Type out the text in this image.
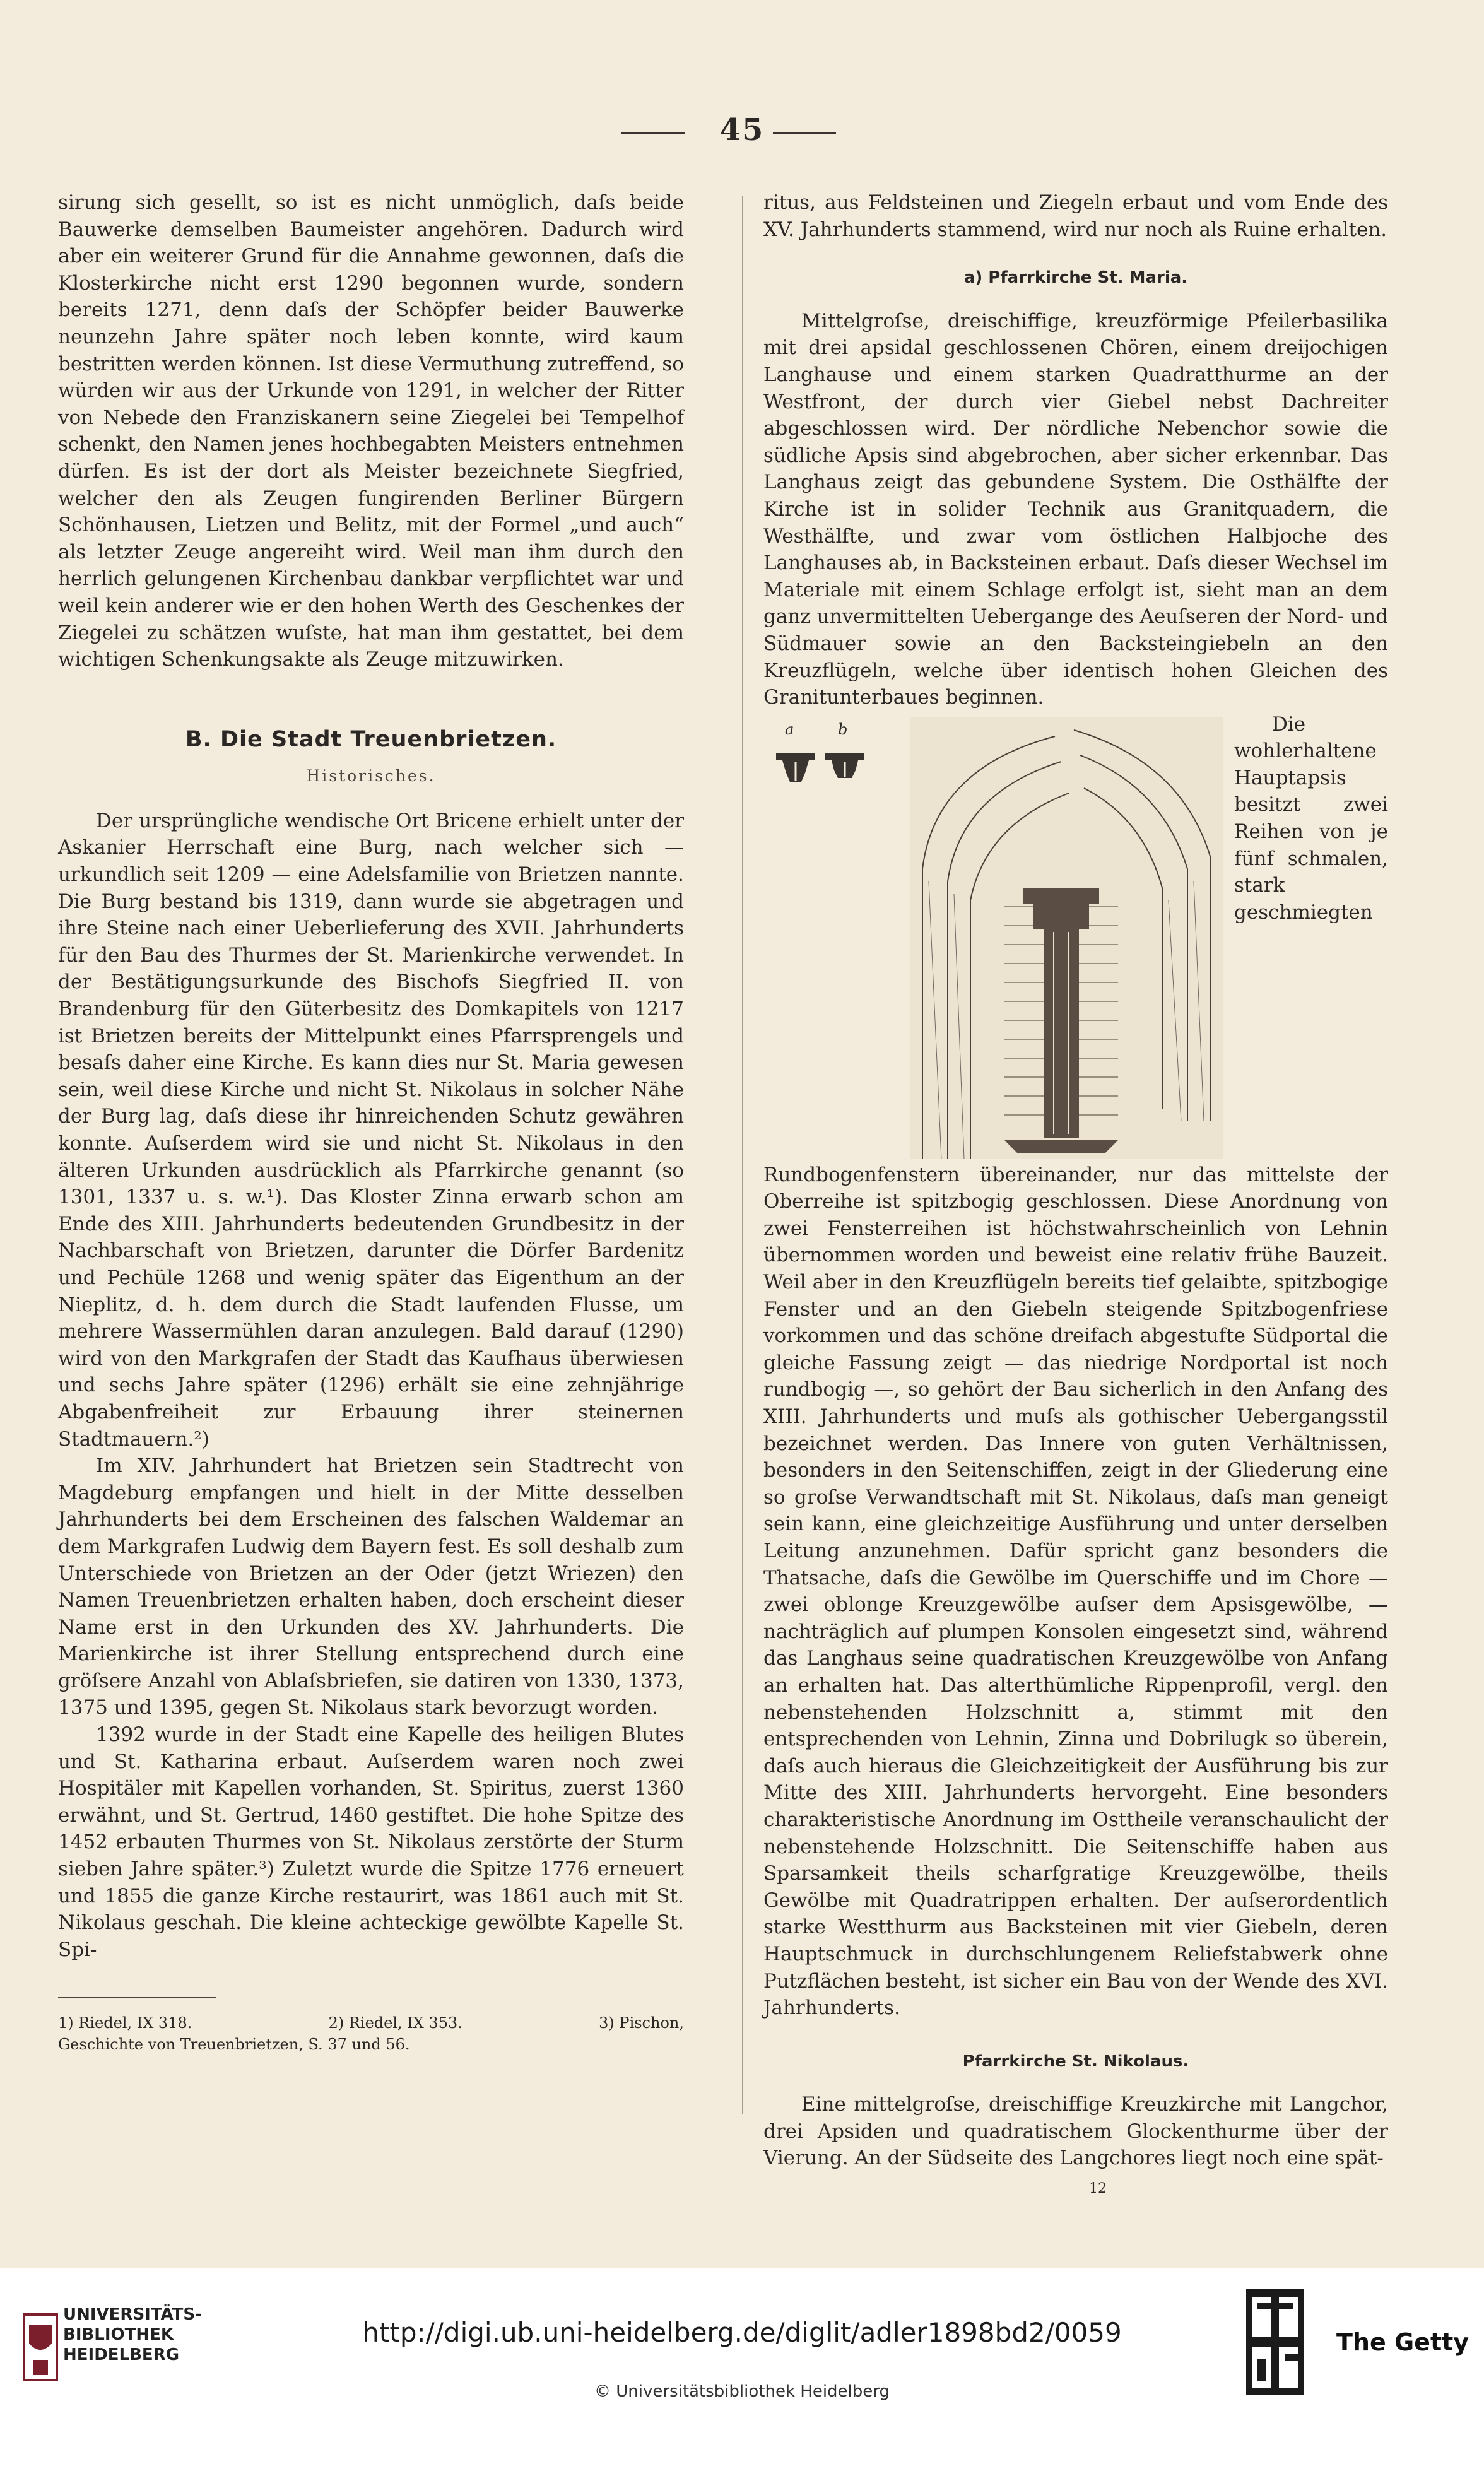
45

sirung sich gesellt, so ist es nicht unmöglich, daſs beide Bauwerke demselben Baumeister angehören. Dadurch wird aber ein weiterer Grund für die Annahme gewonnen, daſs die Klosterkirche nicht erst 1290 begonnen wurde, sondern bereits 1271, denn daſs der Schöpfer beider Bauwerke neunzehn Jahre später noch leben konnte, wird kaum bestritten werden können. Ist diese Vermuthung zutreffend, so würden wir aus der Urkunde von 1291, in welcher der Ritter von Nebede den Franziskanern seine Ziegelei bei Tempelhof schenkt, den Namen jenes hochbegabten Meisters entnehmen dürfen. Es ist der dort als Meister bezeichnete Siegfried, welcher den als Zeugen fungirenden Berliner Bürgern Schönhausen, Lietzen und Belitz, mit der Formel „und auch“ als letzter Zeuge angereiht wird. Weil man ihm durch den herrlich gelungenen Kirchenbau dankbar verpflichtet war und weil kein anderer wie er den hohen Werth des Geschenkes der Ziegelei zu schätzen wuſste, hat man ihm gestattet, bei dem wichtigen Schenkungsakte als Zeuge mitzuwirken.

B. Die Stadt Treuenbrietzen.
Historisches.

Der ursprüngliche wendische Ort Bricene erhielt unter der Askanier Herrschaft eine Burg, nach welcher sich — urkundlich seit 1209 — eine Adelsfamilie von Brietzen nannte. Die Burg bestand bis 1319, dann wurde sie abgetragen und ihre Steine nach einer Ueberlieferung des XVII. Jahrhunderts für den Bau des Thurmes der St. Marienkirche verwendet. In der Bestätigungsurkunde des Bischofs Siegfried II. von Brandenburg für den Güterbesitz des Domkapitels von 1217 ist Brietzen bereits der Mittelpunkt eines Pfarrsprengels und besaſs daher eine Kirche. Es kann dies nur St. Maria gewesen sein, weil diese Kirche und nicht St. Nikolaus in solcher Nähe der Burg lag, daſs diese ihr hinreichenden Schutz gewähren konnte. Auſserdem wird sie und nicht St. Nikolaus in den älteren Urkunden ausdrücklich als Pfarrkirche genannt (so 1301, 1337 u. s. w.¹). Das Kloster Zinna erwarb schon am Ende des XIII. Jahrhunderts bedeutenden Grundbesitz in der Nachbarschaft von Brietzen, darunter die Dörfer Bardenitz und Pechüle 1268 und wenig später das Eigenthum an der Nieplitz, d. h. dem durch die Stadt laufenden Flusse, um mehrere Wassermühlen daran anzulegen. Bald darauf (1290) wird von den Markgrafen der Stadt das Kaufhaus überwiesen und sechs Jahre später (1296) erhält sie eine zehnjährige Abgabenfreiheit zur Erbauung ihrer steinernen Stadtmauern.²)

Im XIV. Jahrhundert hat Brietzen sein Stadtrecht von Magdeburg empfangen und hielt in der Mitte desselben Jahrhunderts bei dem Erscheinen des falschen Waldemar an dem Markgrafen Ludwig dem Bayern fest. Es soll deshalb zum Unterschiede von Brietzen an der Oder (jetzt Wriezen) den Namen Treuenbrietzen erhalten haben, doch erscheint dieser Name erst in den Urkunden des XV. Jahrhunderts. Die Marienkirche ist ihrer Stellung entsprechend durch eine gröſsere Anzahl von Ablaſsbriefen, sie datiren von 1330, 1373, 1375 und 1395, gegen St. Nikolaus stark bevorzugt worden.

1392 wurde in der Stadt eine Kapelle des heiligen Blutes und St. Katharina erbaut. Auſserdem waren noch zwei Hospitäler mit Kapellen vorhanden, St. Spiritus, zuerst 1360 erwähnt, und St. Gertrud, 1460 gestiftet. Die hohe Spitze des 1452 erbauten Thurmes von St. Nikolaus zerstörte der Sturm sieben Jahre später.³) Zuletzt wurde die Spitze 1776 erneuert und 1855 die ganze Kirche restaurirt, was 1861 auch mit St. Nikolaus geschah. Die kleine achteckige gewölbte Kapelle St. Spi-

1) Riedel, IX 318.	2) Riedel, IX 353.	3) Pischon,
Geschichte von Treuenbrietzen, S. 37 und 56.

ritus, aus Feldsteinen und Ziegeln erbaut und vom Ende des XV. Jahrhunderts stammend, wird nur noch als Ruine erhalten.

a) Pfarrkirche St. Maria.

Mittelgroſse, dreischiffige, kreuzförmige Pfeilerbasilika mit drei apsidal geschlossenen Chören, einem dreijochigen Langhause und einem starken Quadratthurme an der Westfront, der durch vier Giebel nebst Dachreiter abgeschlossen wird. Der nördliche Nebenchor sowie die südliche Apsis sind abgebrochen, aber sicher erkennbar. Das Langhaus zeigt das gebundene System. Die Osthälfte der Kirche ist in solider Technik aus Granitquadern, die Westhälfte, und zwar vom östlichen Halbjoche des Langhauses ab, in Backsteinen erbaut. Daſs dieser Wechsel im Materiale mit einem Schlage erfolgt ist, sieht man an dem ganz unvermittelten Uebergange des Aeuſseren der Nord- und Südmauer sowie an den Backsteingiebeln an den Kreuzflügeln, welche über identisch hohen Gleichen des Granitunterbaues beginnen.

a	b	Die wohlerhaltene Hauptapsis besitzt zwei Reihen von je fünf schmalen, stark geschmiegten Rundbogenfenstern übereinander, nur das mittelste der Oberreihe ist spitzbogig geschlossen. Diese Anordnung von zwei Fensterreihen ist höchstwahrscheinlich von Lehnin übernommen worden und beweist eine relativ frühe Bauzeit. Weil aber in den Kreuzflügeln bereits tief gelaibte, spitzbogige Fenster und an den Giebeln steigende Spitzbogenfriese vorkommen und das schöne dreifach abgestufte Südportal die gleiche Fassung zeigt — das niedrige Nordportal ist noch rundbogig —, so gehört der Bau sicherlich in den Anfang des XIII. Jahrhunderts und muſs als gothischer Uebergangsstil bezeichnet werden. Das Innere von guten Verhältnissen, besonders in den Seitenschiffen, zeigt in der Gliederung eine so groſse Verwandtschaft mit St. Nikolaus, daſs man geneigt sein kann, eine gleichzeitige Ausführung und unter derselben Leitung anzunehmen. Dafür spricht ganz besonders die Thatsache, daſs die Gewölbe im Querschiffe und im Chore — zwei oblonge Kreuzgewölbe auſser dem Apsisgewölbe, — nachträglich auf plumpen Konsolen eingesetzt sind, während das Langhaus seine quadratischen Kreuzgewölbe von Anfang an erhalten hat. Das alterthümliche Rippenprofil, vergl. den nebenstehenden Holzschnitt a, stimmt mit den entsprechenden von Lehnin, Zinna und Dobrilugk so überein, daſs auch hieraus die Gleichzeitigkeit der Ausführung bis zur Mitte des XIII. Jahrhunderts hervorgeht. Eine besonders charakteristische Anordnung im Osttheile veranschaulicht der nebenstehende Holzschnitt. Die Seitenschiffe haben aus Sparsamkeit theils scharfgratige Kreuzgewölbe, theils Gewölbe mit Quadratrippen erhalten. Der auſserordentlich starke Westthurm aus Backsteinen mit vier Giebeln, deren Hauptschmuck in durchschlungenem Reliefstabwerk ohne Putzflächen besteht, ist sicher ein Bau von der Wende des XVI. Jahrhunderts.

Pfarrkirche St. Nikolaus.

Eine mittelgroſse, dreischiffige Kreuzkirche mit Langchor, drei Apsiden und quadratischem Glockenthurme über der Vierung. An der Südseite des Langchores liegt noch eine spät-

12
UNIVERSITÄTS-
BIBLIOTHEK
HEIDELBERG
http://digi.ub.uni-heidelberg.de/diglit/adler1898bd2/0059
© Universitätsbibliothek Heidelberg
The Getty
